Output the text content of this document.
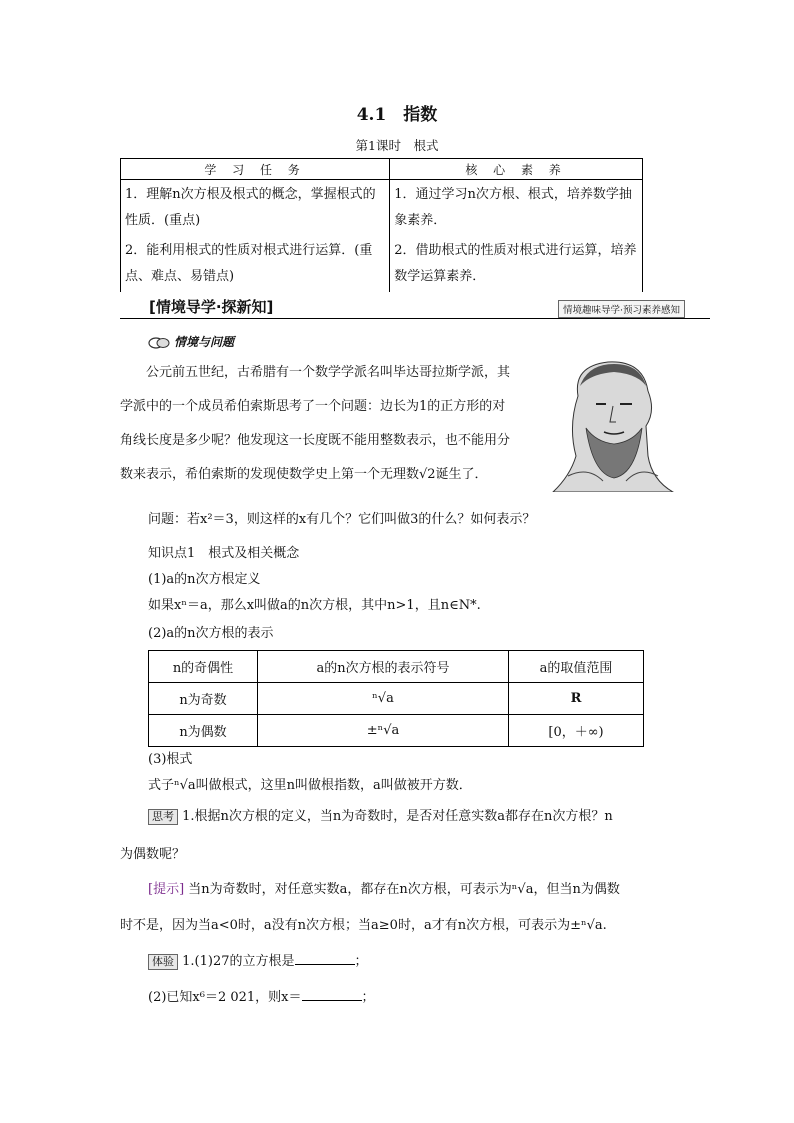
4.1　指数
第1课时　根式
学 习 任 务	核 心 素 养
1．理解n次方根及根式的概念，掌握根式的性质．(重点)	1．通过学习n次方根、根式，培养数学抽象素养．
2．能利用根式的性质对根式进行运算．(重点、难点、易错点)	2．借助根式的性质对根式进行运算，培养数学运算素养．
[情境导学·探新知]	情境趣味导学·预习素养感知
情境与问题
公元前五世纪，古希腊有一个数学学派名叫毕达哥拉斯学派，其
学派中的一个成员希伯索斯思考了一个问题：边长为1的正方形的对
角线长度是多少呢？他发现这一长度既不能用整数表示，也不能用分
数来表示，希伯索斯的发现使数学史上第一个无理数√2诞生了．
问题：若x²＝3，则这样的x有几个？它们叫做3的什么？如何表示？
知识点1　根式及相关概念
(1)a的n次方根定义
如果xⁿ＝a，那么x叫做a的n次方根，其中n>1，且n∈N*.
(2)a的n次方根的表示
n的奇偶性	a的n次方根的表示符号	a的取值范围
n为奇数	ⁿ√a	R
n为偶数	±ⁿ√a	[0，＋∞)
(3)根式
式子ⁿ√a叫做根式，这里n叫做根指数，a叫做被开方数．
思考 1.根据n次方根的定义，当n为奇数时，是否对任意实数a都存在n次方根？n
为偶数呢？
[提示] 当n为奇数时，对任意实数a，都存在n次方根，可表示为ⁿ√a，但当n为偶数
时不是，因为当a<0时，a没有n次方根；当a≥0时，a才有n次方根，可表示为±ⁿ√a.
体验 1.(1)27的立方根是	；
(2)已知x⁶＝2 021，则x＝	；
